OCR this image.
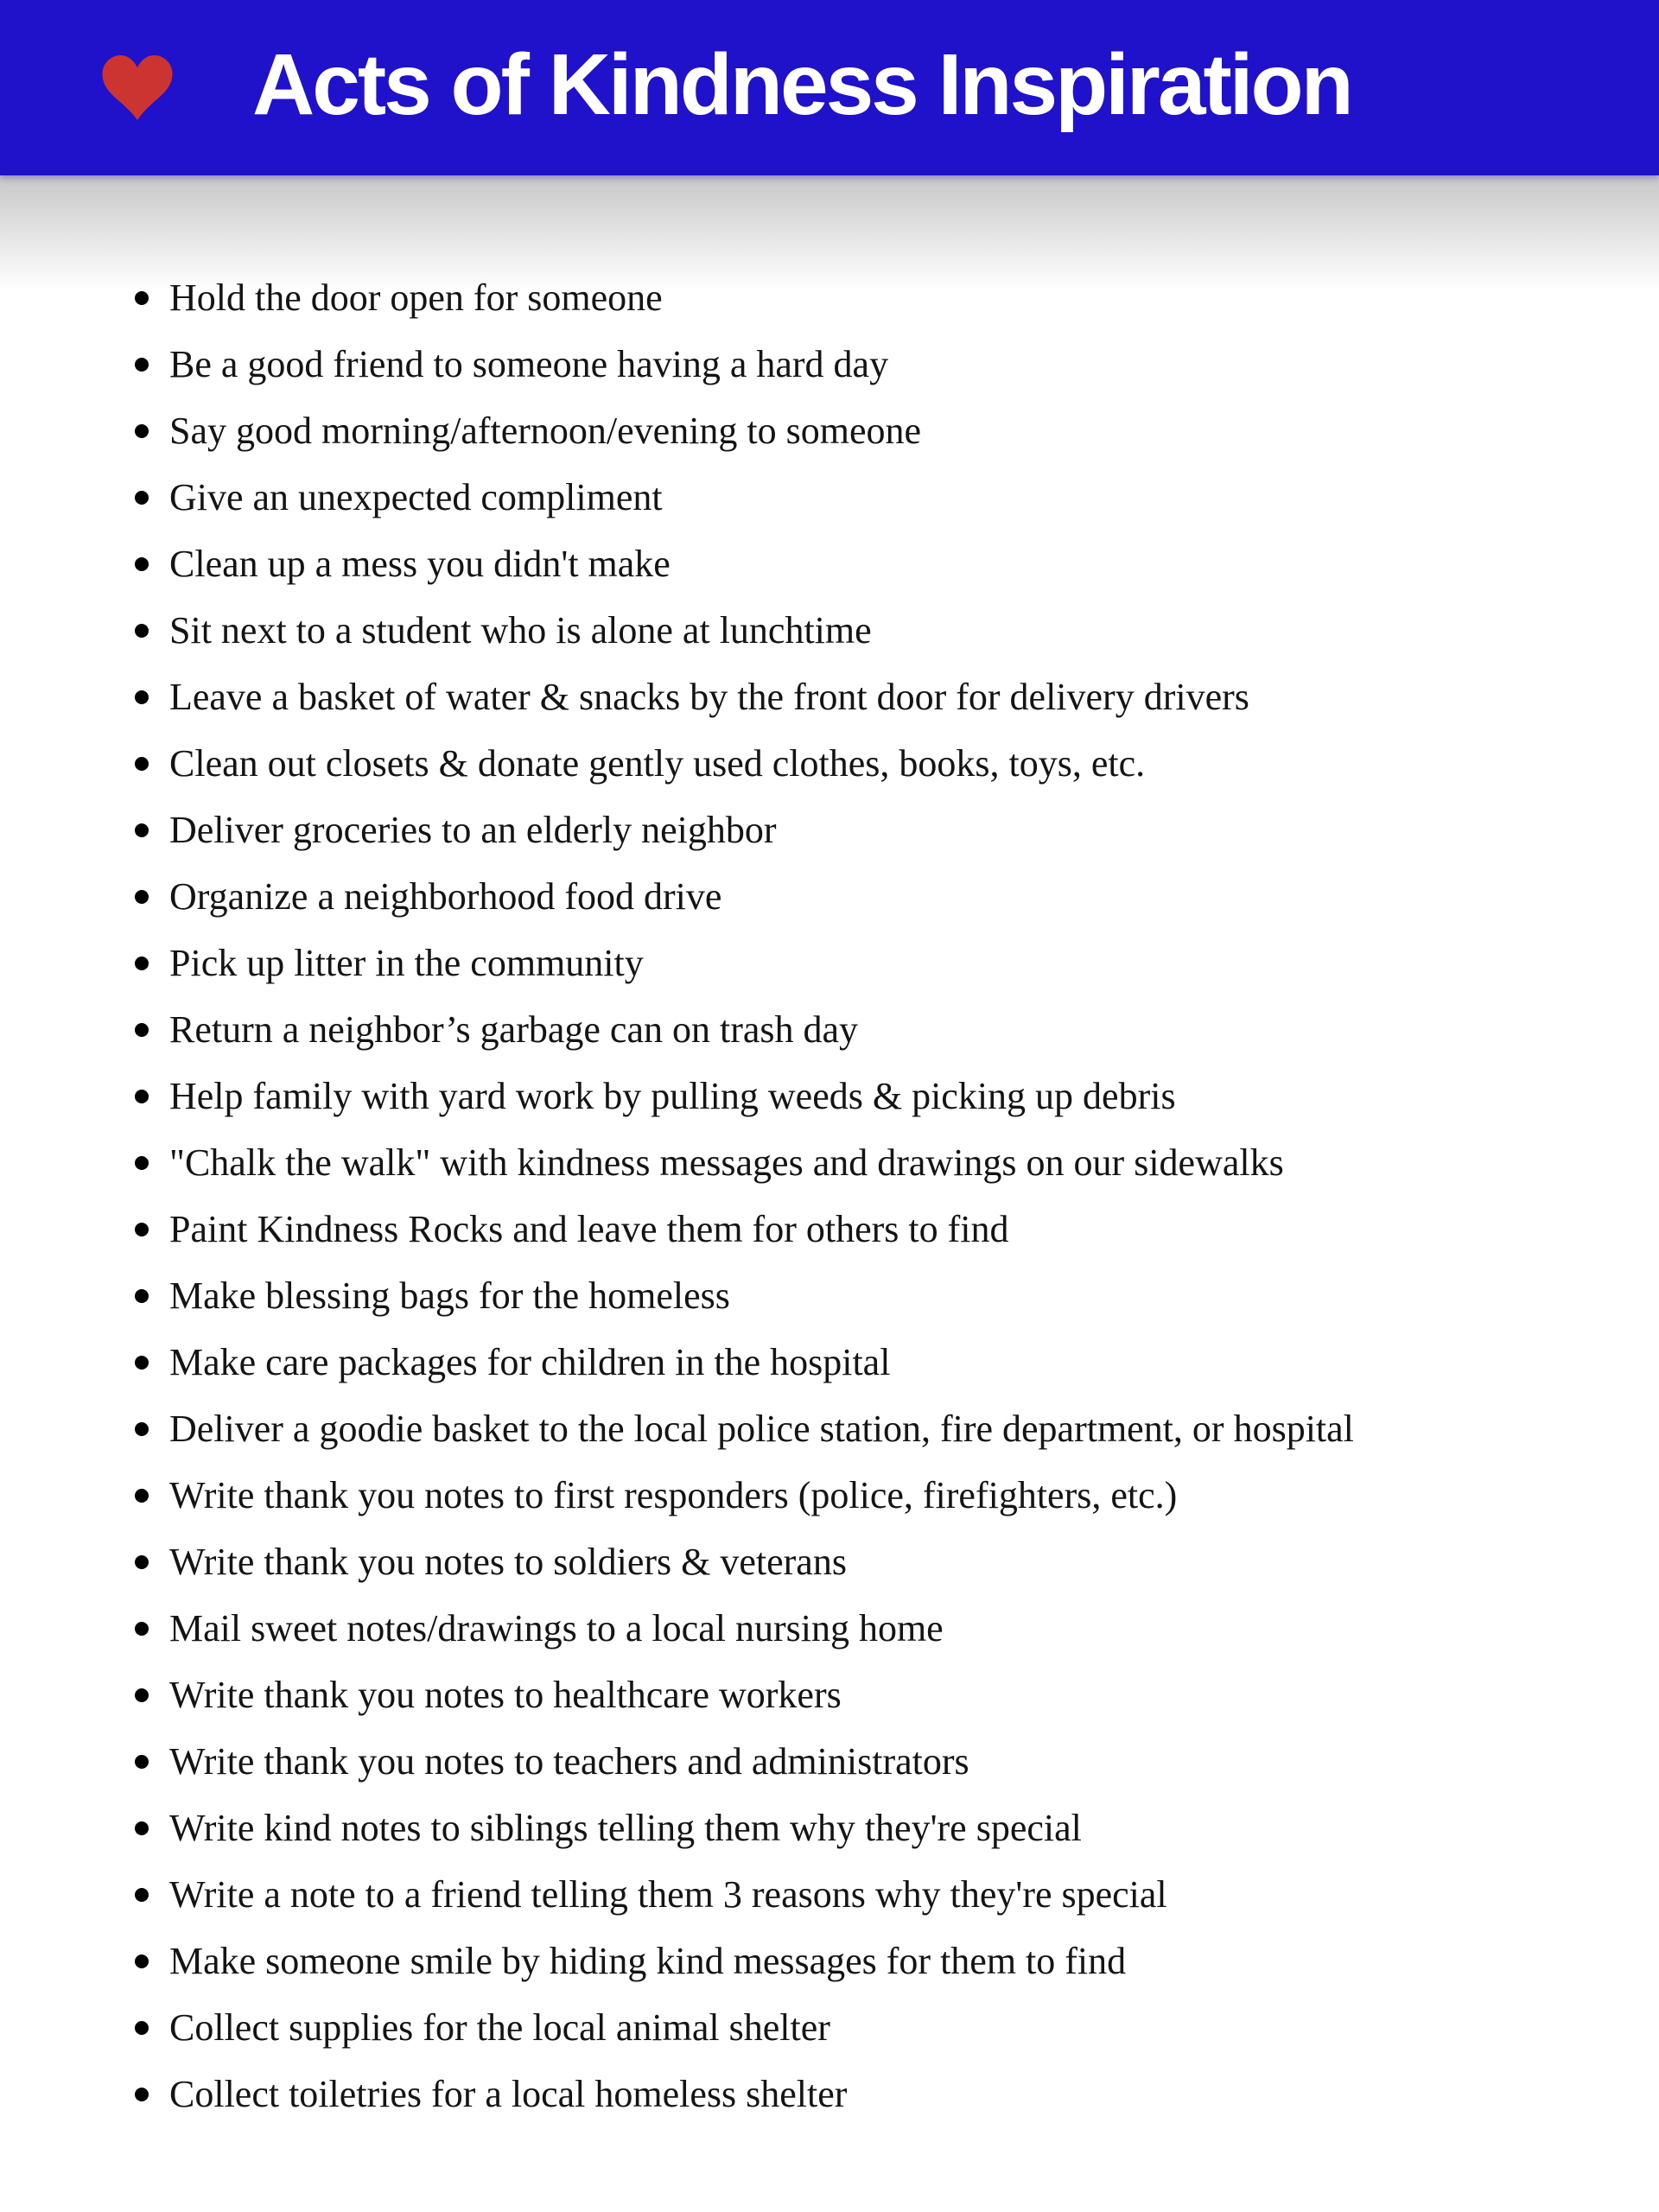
Acts of Kindness Inspiration
Hold the door open for someone
Be a good friend to someone having a hard day
Say good morning/afternoon/evening to someone
Give an unexpected compliment
Clean up a mess you didn't make
Sit next to a student who is alone at lunchtime
Leave a basket of water & snacks by the front door for delivery drivers
Clean out closets & donate gently used clothes, books, toys, etc.
Deliver groceries to an elderly neighbor
Organize a neighborhood food drive
Pick up litter in the community
Return a neighbor’s garbage can on trash day
Help family with yard work by pulling weeds & picking up debris
"Chalk the walk" with kindness messages and drawings on our sidewalks
Paint Kindness Rocks and leave them for others to find
Make blessing bags for the homeless
Make care packages for children in the hospital
Deliver a goodie basket to the local police station, fire department, or hospital
Write thank you notes to first responders (police, firefighters, etc.)
Write thank you notes to soldiers & veterans
Mail sweet notes/drawings to a local nursing home
Write thank you notes to healthcare workers
Write thank you notes to teachers and administrators
Write kind notes to siblings telling them why they're special
Write a note to a friend telling them 3 reasons why they're special
Make someone smile by hiding kind messages for them to find
Collect supplies for the local animal shelter
Collect toiletries for a local homeless shelter
